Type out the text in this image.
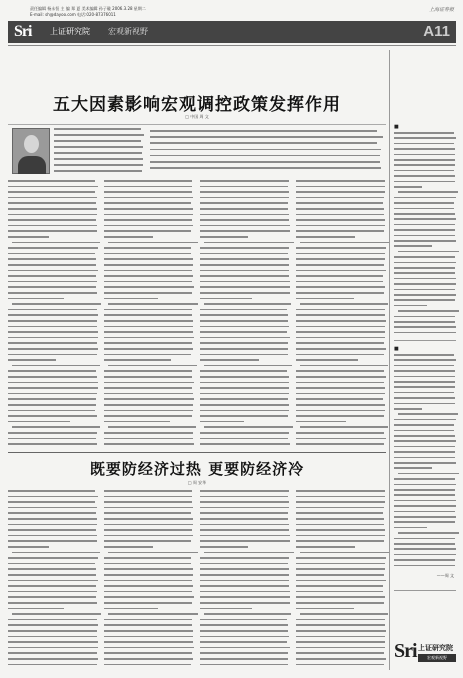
责任编辑 杨永恒 主 编 郑 夏 美术编辑 孙子璇 2006.3.28 星期二
E-mail: sh@dayoo.com 电话:020-87376011
上海证券报
Sri 上证研究院 宏观新视野	A11
五大因素影响宏观调控政策发挥作用
□ 中国 周 文
既要防经济过热 更要防经济冷
□ 周 安华
■
■
——周 文
Sri 上证研究院
宏观新视野
